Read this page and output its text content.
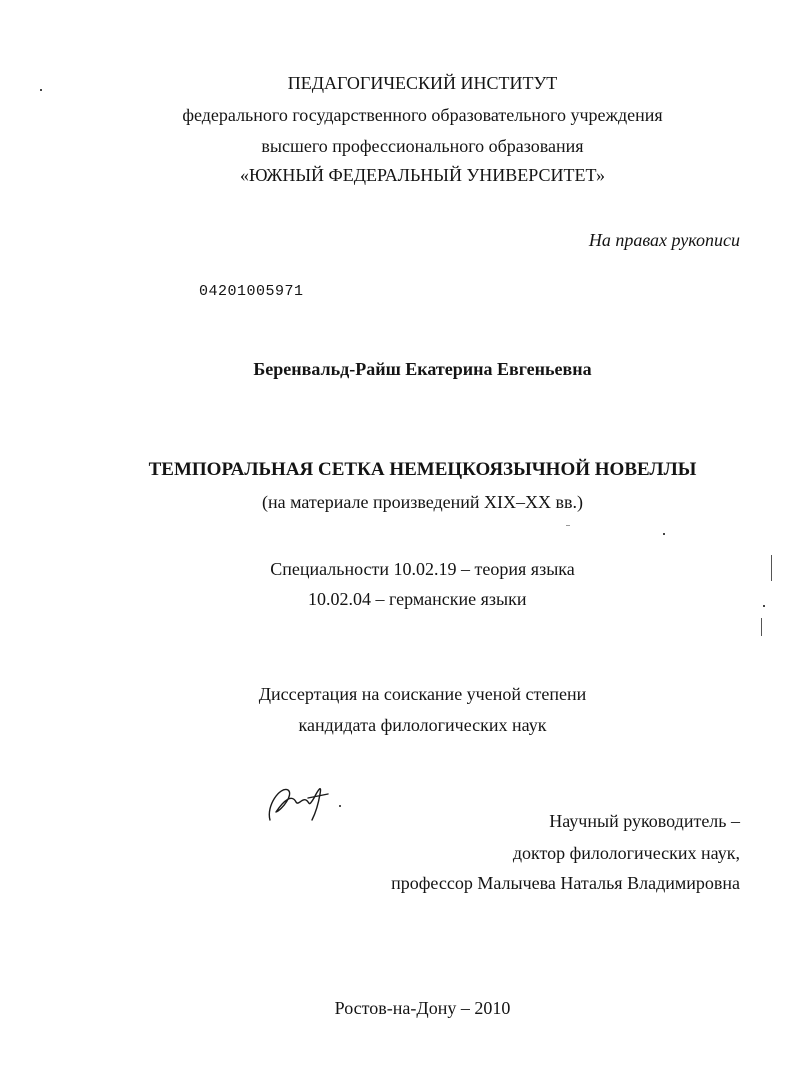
ПЕДАГОГИЧЕСКИЙ ИНСТИТУТ
федерального государственного образовательного учреждения
высшего профессионального образования
«ЮЖНЫЙ ФЕДЕРАЛЬНЫЙ УНИВЕРСИТЕТ»
На правах рукописи
04201005971
Беренвальд-Райш Екатерина Евгеньевна
ТЕМПОРАЛЬНАЯ СЕТКА НЕМЕЦКОЯЗЫЧНОЙ НОВЕЛЛЫ
(на материале произведений XIX–XX вв.)
Специальности 10.02.19 – теория языка
10.02.04 – германские языки
Диссертация на соискание ученой степени
кандидата филологических наук
Научный руководитель –
доктор филологических наук,
профессор Малычева Наталья Владимировна
Ростов-на-Дону – 2010
